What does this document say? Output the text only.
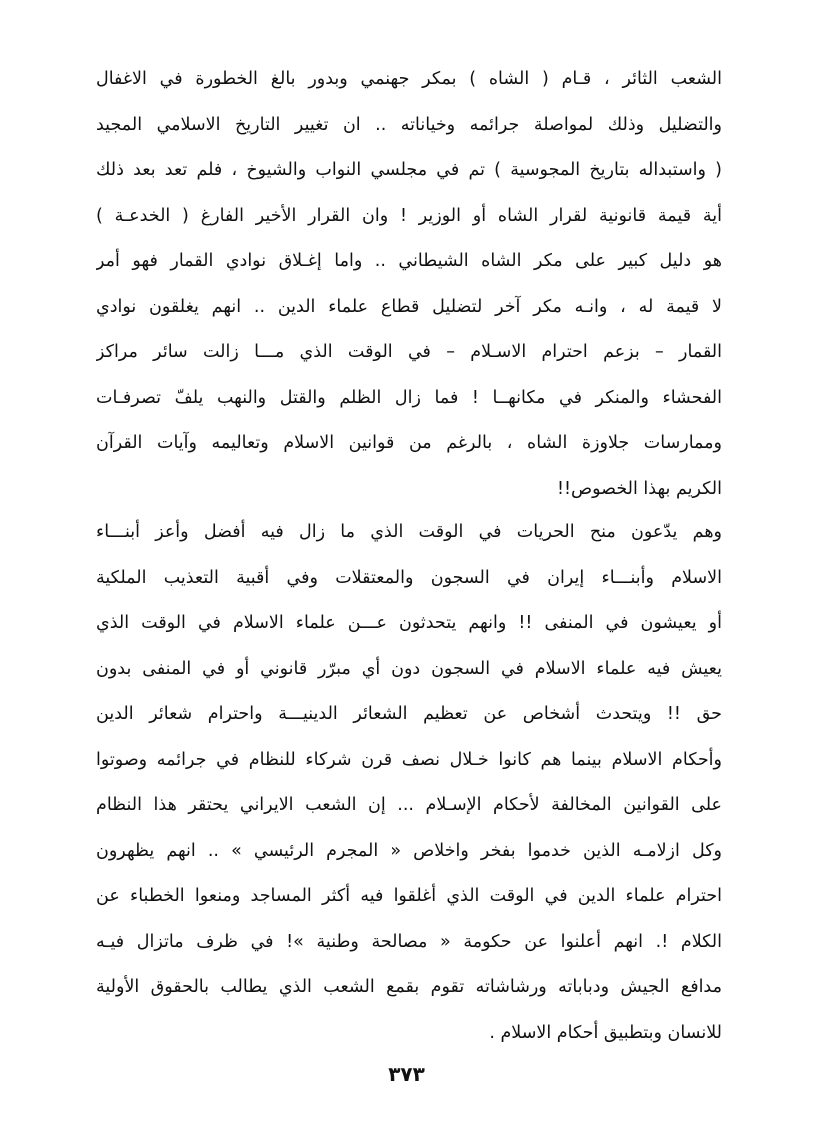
الشعب الثائر ، قـام ( الشاه ) بمكر جهنمي وبدور بالغ الخطورة في الاغفال
والتضليل وذلك لمواصلة جرائمه وخياناته .. ان تغيير التاريخ الاسلامي المجيد
( واستبداله بتاريخ المجوسية ) تم في مجلسي النواب والشيوخ ، فلم تعد بعد ذلك
أية قيمة قانونية لقرار الشاه أو الوزير ! وان القرار الأخير الفارغ ( الخدعـة )
هو دليل كبير على مكر الشاه الشيطاني .. واما إغـلاق نوادي القمار فهو أمر
لا قيمة له ، وانـه مكر آخر لتضليل قطاع علماء الدين .. انهم يغلقون نوادي
القمار – بزعم احترام الاسـلام – في الوقت الذي مـــا زالت سائر مراكز
الفحشاء والمنكر في مكانهــا ! فما زال الظلم والقتل والنهب يلفّ تصرفـات
وممارسات جلاوزة الشاه ، بالرغم من قوانين الاسلام وتعاليمه وآيات القرآن
الكريم بهذا الخصوص!!
وهم يدّعون منح الحريات في الوقت الذي ما زال فيه أفضل وأعز أبنـــاء
الاسلام وأبنـــاء إيران في السجون والمعتقلات وفي أقبية التعذيب الملكية
أو يعيشون في المنفى !! وانهم يتحدثون عـــن علماء الاسلام في الوقت الذي
يعيش فيه علماء الاسلام في السجون دون أي مبرّر قانوني أو في المنفى بدون
حق !! ويتحدث أشخاص عن تعظيم الشعائر الدينيـــة واحترام شعائر الدين
وأحكام الاسلام بينما هم كانوا خـلال نصف قرن شركاء للنظام في جرائمه وصوتوا
على القوانين المخالفة لأحكام الإسـلام ... إن الشعب الايراني يحتقر هذا النظام
وكل ازلامـه الذين خدموا بفخر واخلاص « المجرم الرئيسي » .. انهم يظهرون
احترام علماء الدين في الوقت الذي أغلقوا فيه أكثر المساجد ومنعوا الخطباء عن
الكلام !. انهم أعلنوا عن حكومة « مصالحة وطنية »! في ظرف ماتزال فيـه
مدافع الجيش ودباباته ورشاشاته تقوم بقمع الشعب الذي يطالب بالحقوق الأولية
للانسان وبتطبيق أحكام الاسلام .
٣٧٣
